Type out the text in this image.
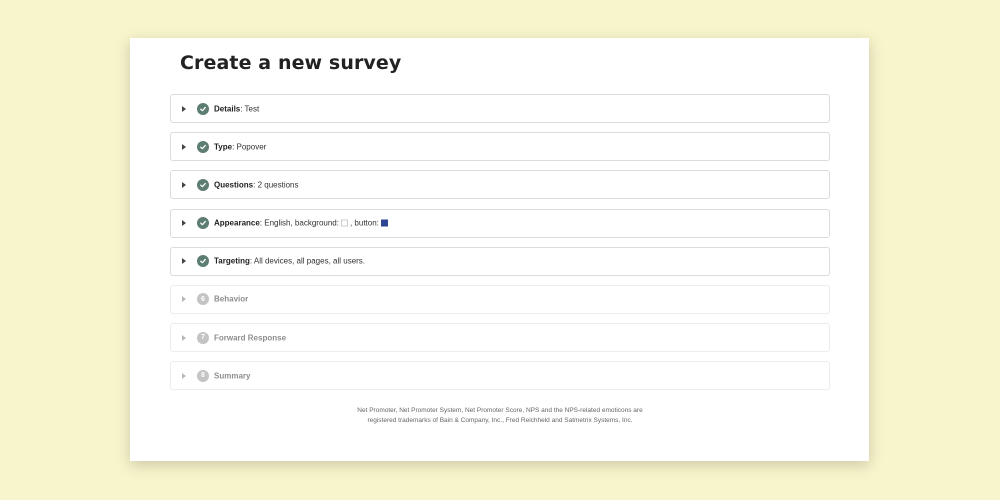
Create a new survey
Details : Test
Type : Popover
Questions : 2 questions
Appearance : English, background: , button:
Targeting : All devices, all pages, all users.
6	Behavior
7	Forward Response
8	Summary
Net Promoter, Net Promoter System, Net Promoter Score, NPS and the NPS-related emoticons are
registered trademarks of Bain & Company, Inc., Fred Reichheld and Satmetrix Systems, Inc.
